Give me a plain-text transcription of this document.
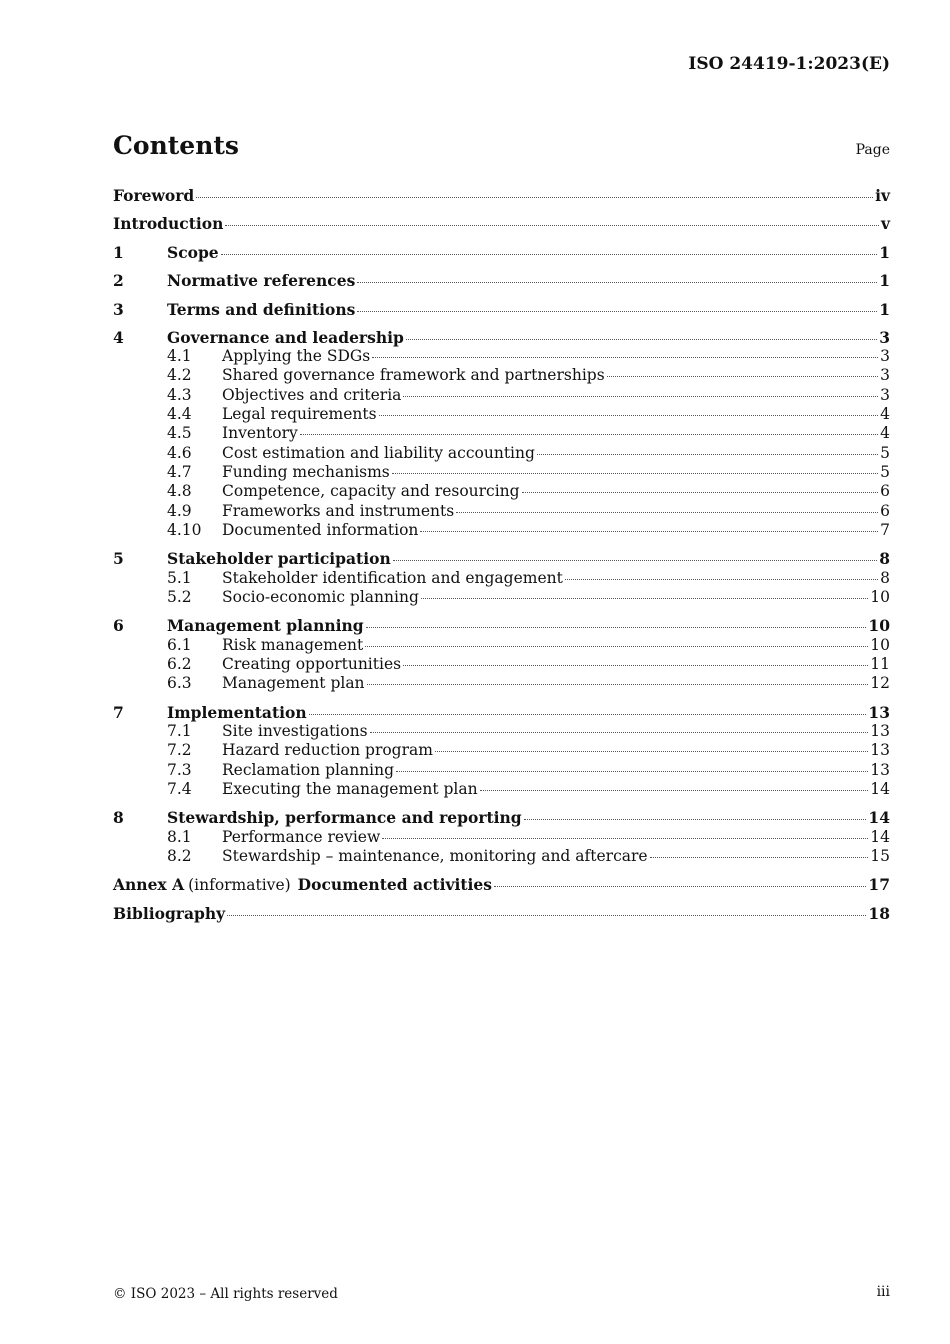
ISO 24419-1:2023(E)
Contents	Page
Foreword	iv
Introduction	v
1	Scope	1
2	Normative references	1
3	Terms and definitions	1
4	Governance and leadership	3
4.1	Applying the SDGs	3
4.2	Shared governance framework and partnerships	3
4.3	Objectives and criteria	3
4.4	Legal requirements	4
4.5	Inventory	4
4.6	Cost estimation and liability accounting	5
4.7	Funding mechanisms	5
4.8	Competence, capacity and resourcing	6
4.9	Frameworks and instruments	6
4.10	Documented information	7
5	Stakeholder participation	8
5.1	Stakeholder identification and engagement	8
5.2	Socio-economic planning	10
6	Management planning	10
6.1	Risk management	10
6.2	Creating opportunities	11
6.3	Management plan	12
7	Implementation	13
7.1	Site investigations	13
7.2	Hazard reduction program	13
7.3	Reclamation planning	13
7.4	Executing the management plan	14
8	Stewardship, performance and reporting	14
8.1	Performance review	14
8.2	Stewardship – maintenance, monitoring and aftercare	15
Annex A (informative) Documented activities	17
Bibliography	18
© ISO 2023 – All rights reserved	iii
